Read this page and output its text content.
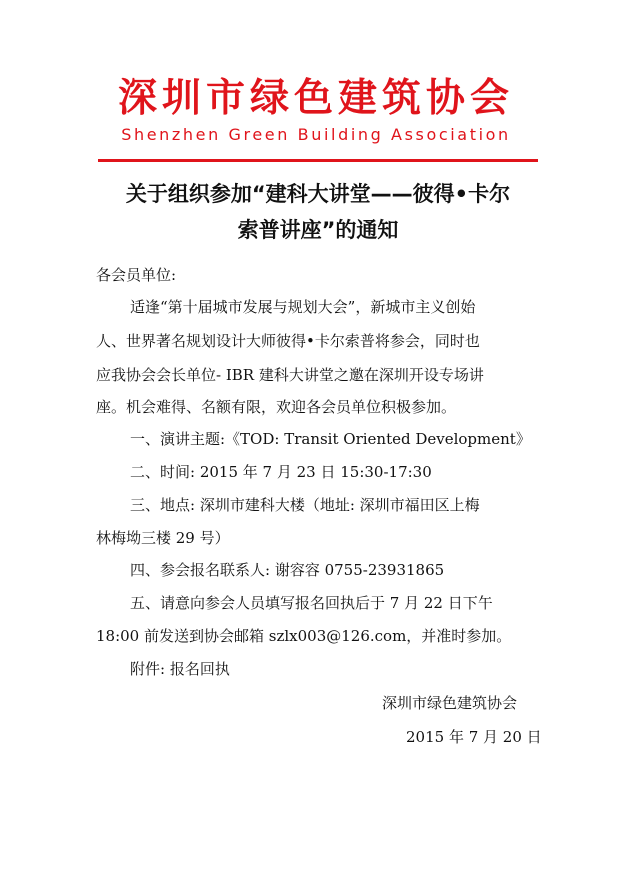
深圳市绿色建筑协会
Shenzhen Green Building Association
关于组织参加“建科大讲堂——彼得•卡尔
索普讲座”的通知
各会员单位:
适逢“第十届城市发展与规划大会”，新城市主义创始
人、世界著名规划设计大师彼得•卡尔索普将参会，同时也
应我协会会长单位- IBR 建科大讲堂之邀在深圳开设专场讲
座。机会难得、名额有限，欢迎各会员单位积极参加。
一、演讲主题:《TOD: Transit Oriented Development》
二、时间: 2015 年 7 月 23 日 15:30-17:30
三、地点: 深圳市建科大楼（地址: 深圳市福田区上梅
林梅坳三楼 29 号）
四、参会报名联系人: 谢容容 0755-23931865
五、请意向参会人员填写报名回执后于 7 月 22 日下午
18:00 前发送到协会邮箱 szlx003@126.com，并准时参加。
附件: 报名回执
深圳市绿色建筑协会
2015 年 7 月 20 日
